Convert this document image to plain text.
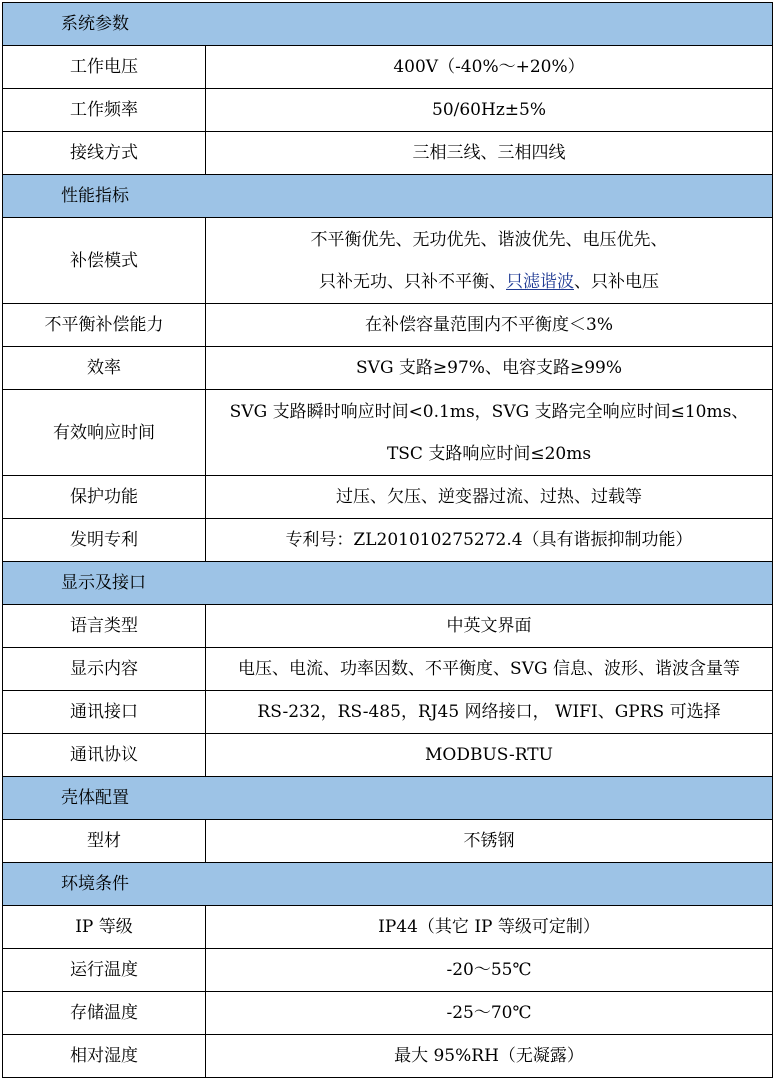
系统参数	
工作电压	400V（-40%～+20%）
工作频率	50/60Hz±5%
接线方式	三相三线、三相四线
性能指标	
补偿模式	不平衡优先、无功优先、谐波优先、电压优先、
只补无功、只补不平衡、只滤谐波、只补电压

不平衡补偿能力	在补偿容量范围内不平衡度＜3%
效率	SVG 支路≥97%、电容支路≥99%
有效响应时间	SVG 支路瞬时响应时间<0.1ms，SVG 支路完全响应时间≤10ms、
TSC 支路响应时间≤20ms

保护功能	过压、欠压、逆变器过流、过热、过载等
发明专利	专利号：ZL201010275272.4（具有谐振抑制功能）
显示及接口	
语言类型	中英文界面
显示内容	电压、电流、功率因数、不平衡度、SVG 信息、波形、谐波含量等
通讯接口	RS-232，RS-485，RJ45 网络接口， WIFI、GPRS 可选择
通讯协议	MODBUS-RTU
壳体配置	
型材	不锈钢
环境条件	
IP 等级	IP44（其它 IP 等级可定制）
运行温度	-20～55℃
存储温度	-25～70℃
相对湿度	最大 95%RH（无凝露）
